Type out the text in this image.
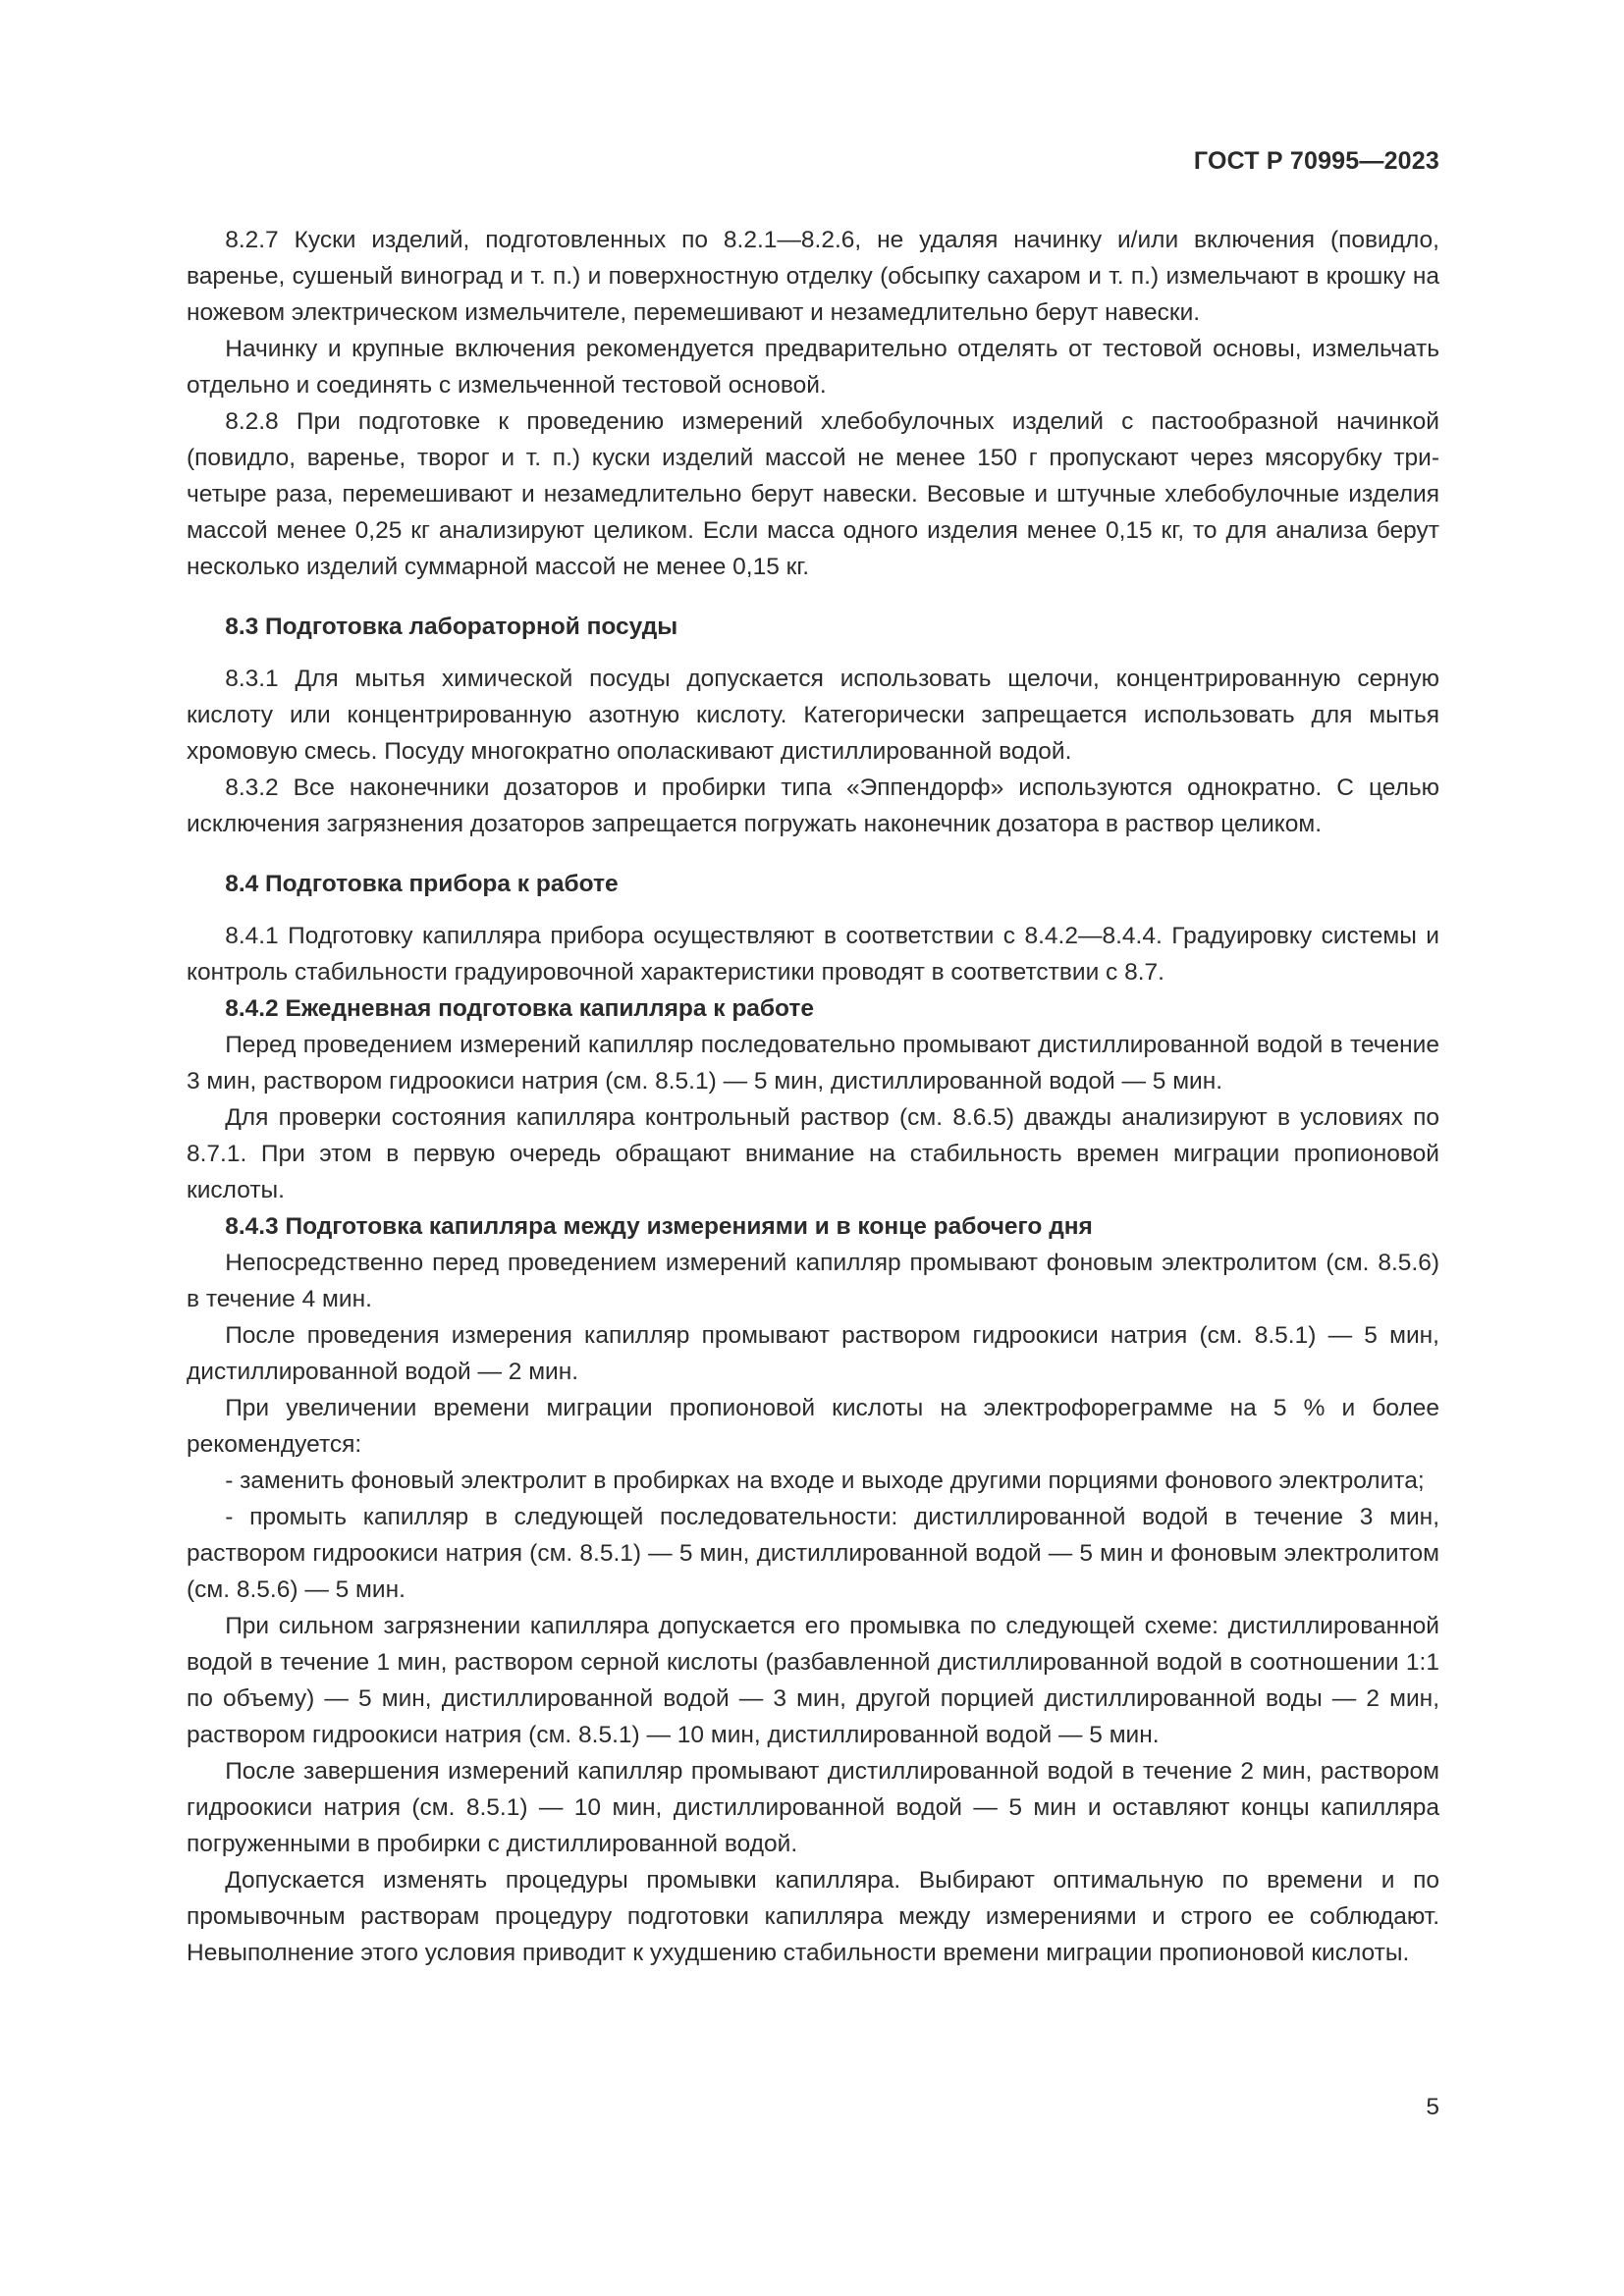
ГОСТ Р 70995—2023

8.2.7 Куски изделий, подготовленных по 8.2.1—8.2.6, не удаляя начинку и/или включения (повидло, варенье, сушеный виноград и т. п.) и поверхностную отделку (обсыпку сахаром и т. п.) измельчают в крошку на ножевом электрическом измельчителе, перемешивают и незамедлительно берут навески.

Начинку и крупные включения рекомендуется предварительно отделять от тестовой основы, измельчать отдельно и соединять с измельченной тестовой основой.

8.2.8 При подготовке к проведению измерений хлебобулочных изделий с пастообразной начинкой (повидло, варенье, творог и т. п.) куски изделий массой не менее 150 г пропускают через мясорубку три-четыре раза, перемешивают и незамедлительно берут навески. Весовые и штучные хлебобулочные изделия массой менее 0,25 кг анализируют целиком. Если масса одного изделия менее 0,15 кг, то для анализа берут несколько изделий суммарной массой не менее 0,15 кг.

8.3 Подготовка лабораторной посуды

8.3.1 Для мытья химической посуды допускается использовать щелочи, концентрированную серную кислоту или концентрированную азотную кислоту. Категорически запрещается использовать для мытья хромовую смесь. Посуду многократно ополаскивают дистиллированной водой.

8.3.2 Все наконечники дозаторов и пробирки типа «Эппендорф» используются однократно. С целью исключения загрязнения дозаторов запрещается погружать наконечник дозатора в раствор целиком.

8.4 Подготовка прибора к работе

8.4.1 Подготовку капилляра прибора осуществляют в соответствии с 8.4.2—8.4.4. Градуировку системы и контроль стабильности градуировочной характеристики проводят в соответствии с 8.7.

8.4.2 Ежедневная подготовка капилляра к работе

Перед проведением измерений капилляр последовательно промывают дистиллированной водой в течение 3 мин, раствором гидроокиси натрия (см. 8.5.1) — 5 мин, дистиллированной водой — 5 мин.

Для проверки состояния капилляра контрольный раствор (см. 8.6.5) дважды анализируют в условиях по 8.7.1. При этом в первую очередь обращают внимание на стабильность времен миграции пропионовой кислоты.

8.4.3 Подготовка капилляра между измерениями и в конце рабочего дня

Непосредственно перед проведением измерений капилляр промывают фоновым электролитом (см. 8.5.6) в течение 4 мин.

После проведения измерения капилляр промывают раствором гидроокиси натрия (см. 8.5.1) — 5 мин, дистиллированной водой — 2 мин.

При увеличении времени миграции пропионовой кислоты на электрофореграмме на 5 % и более рекомендуется:

- заменить фоновый электролит в пробирках на входе и выходе другими порциями фонового электролита;

- промыть капилляр в следующей последовательности: дистиллированной водой в течение 3 мин, раствором гидроокиси натрия (см. 8.5.1) — 5 мин, дистиллированной водой — 5 мин и фоновым электролитом (см. 8.5.6) — 5 мин.

При сильном загрязнении капилляра допускается его промывка по следующей схеме: дистиллированной водой в течение 1 мин, раствором серной кислоты (разбавленной дистиллированной водой в соотношении 1:1 по объему) — 5 мин, дистиллированной водой — 3 мин, другой порцией дистиллированной воды — 2 мин, раствором гидроокиси натрия (см. 8.5.1) — 10 мин, дистиллированной водой — 5 мин.

После завершения измерений капилляр промывают дистиллированной водой в течение 2 мин, раствором гидроокиси натрия (см. 8.5.1) — 10 мин, дистиллированной водой — 5 мин и оставляют концы капилляра погруженными в пробирки с дистиллированной водой.

Допускается изменять процедуры промывки капилляра. Выбирают оптимальную по времени и по промывочным растворам процедуру подготовки капилляра между измерениями и строго ее соблюдают. Невыполнение этого условия приводит к ухудшению стабильности времени миграции пропионовой кислоты.

5
